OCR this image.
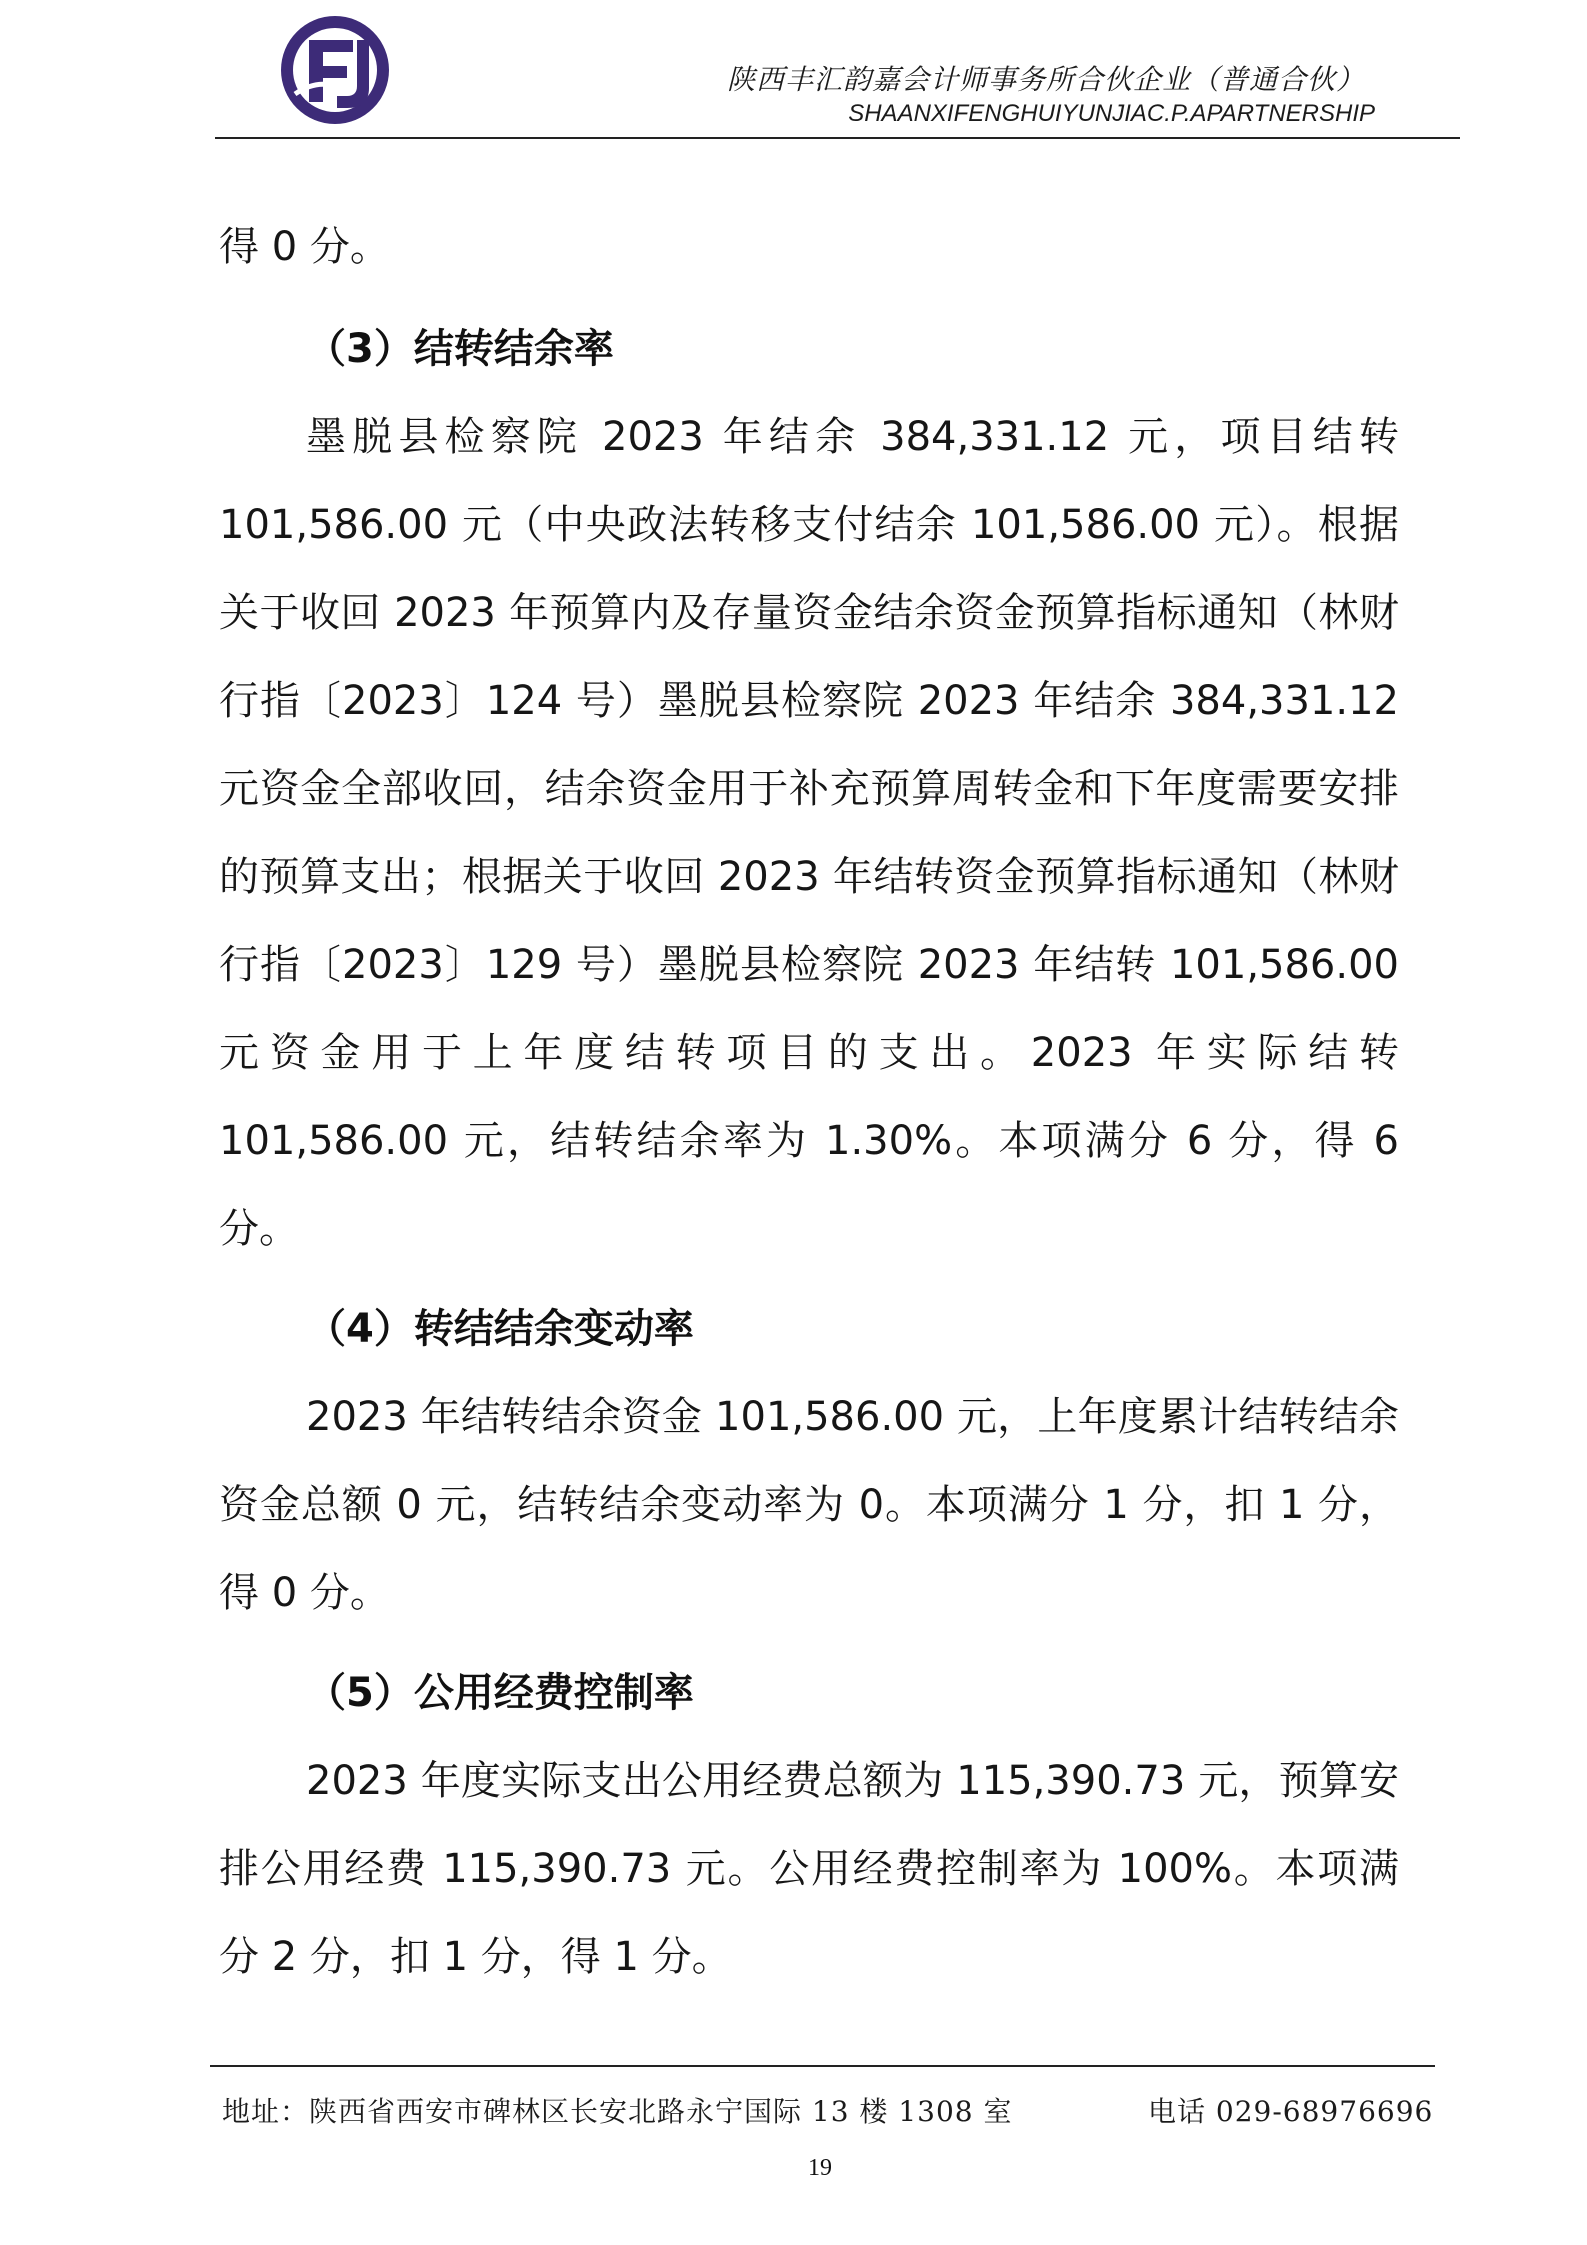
陕西丰汇韵嘉会计师事务所合伙企业（普通合伙）
SHAANXIFENGHUIYUNJIAC.P.APARTNERSHIP

得 0 分。

（3）结转结余率

墨脱县检察院 2023 年结余 384,331.12 元，项目结转 101,586.00 元（中央政法转移支付结余 101,586.00 元）。根据关于收回 2023 年预算内及存量资金结余资金预算指标通知（林财行指〔2023〕124 号）墨脱县检察院 2023 年结余 384,331.12 元资金全部收回，结余资金用于补充预算周转金和下年度需要安排的预算支出；根据关于收回 2023 年结转资金预算指标通知（林财行指〔2023〕129 号）墨脱县检察院 2023 年结转 101,586.00 元资金用于上年度结转项目的支出。2023 年实际结转 101,586.00 元，结转结余率为 1.30%。本项满分 6 分，得 6 分。

（4）转结结余变动率

2023 年结转结余资金 101,586.00 元，上年度累计结转结余资金总额 0 元，结转结余变动率为 0。本项满分 1 分，扣 1 分，得 0 分。

（5）公用经费控制率

2023 年度实际支出公用经费总额为 115,390.73 元，预算安排公用经费 115,390.73 元。公用经费控制率为 100%。本项满分 2 分，扣 1 分，得 1 分。

地址：陕西省西安市碑林区长安北路永宁国际 13 楼 1308 室	电话 029-68976696
19
